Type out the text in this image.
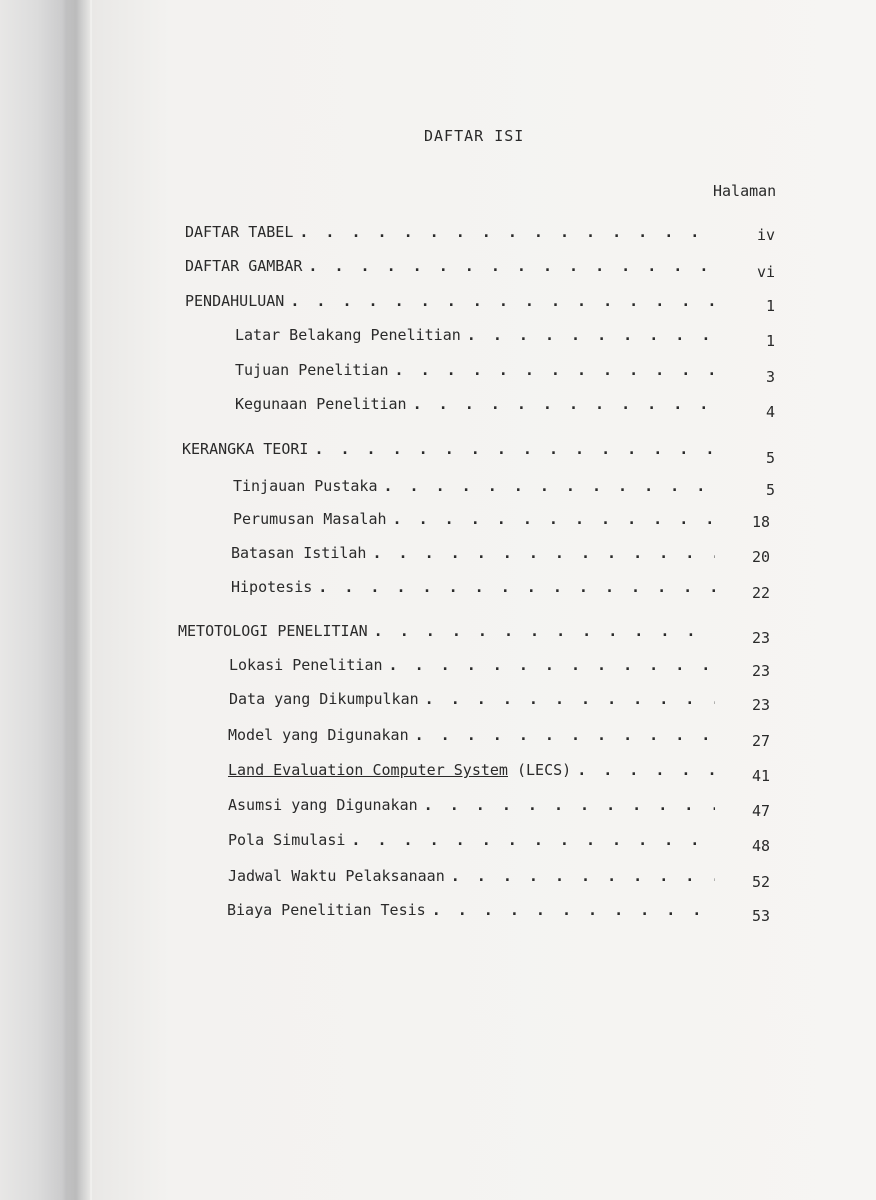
DAFTAR ISI
Halaman
DAFTAR TABEL . . .	iv
DAFTAR GAMBAR . . .	vi
PENDAHULUAN . . .	1
Latar Belakang Penelitian . . .	1
Tujuan Penelitian . . .	3
Kegunaan Penelitian . . .	4
KERANGKA TEORI . . .	5
Tinjauan Pustaka . . .	5
Perumusan Masalah . . .	18
Batasan Istilah . . .	20
Hipotesis . . .	22
METOTOLOGI PENELITIAN . . .	23
Lokasi Penelitian . . .	23
Data yang Dikumpulkan . . .	23
Model yang Digunakan . . .	27
Land Evaluation Computer System (LECS) . . .	41
Asumsi yang Digunakan . . .	47
Pola Simulasi . . .	48
Jadwal Waktu Pelaksanaan . . .	52
Biaya Penelitian Tesis . . .	53
